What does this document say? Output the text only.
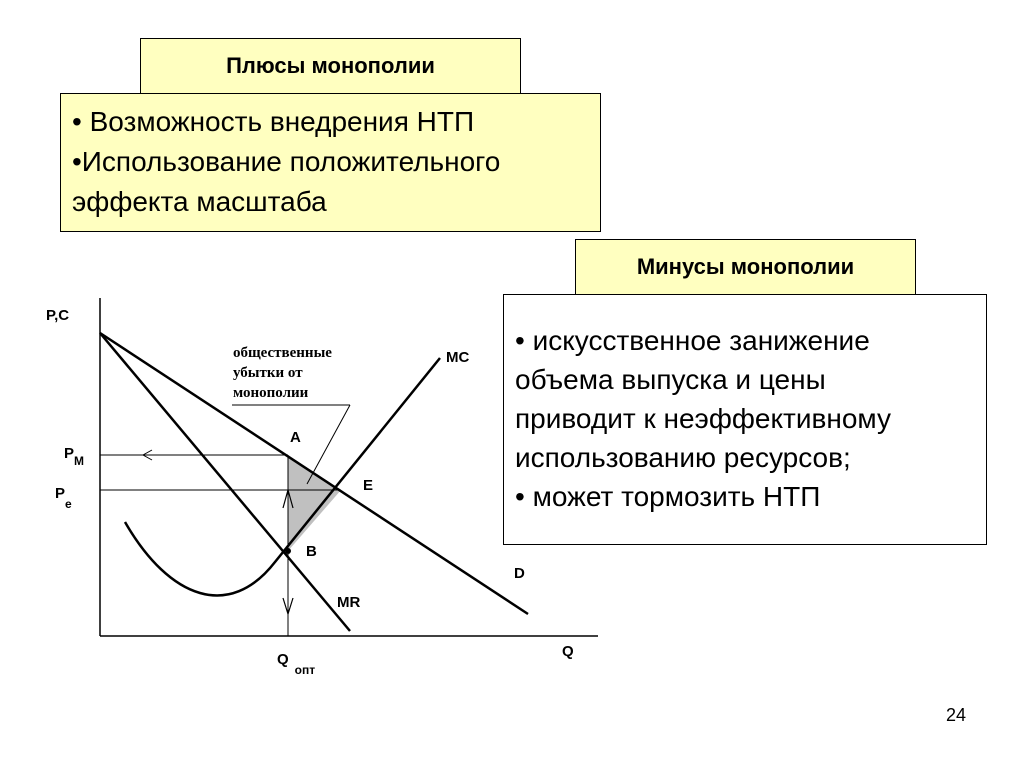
Плюсы монополии
• Возможность внедрения НТП
•Использование положительного
эффекта масштаба
Минусы монополии
• искусственное занижение
объема выпуска и цены
приводит к неэффективному
использованию ресурсов;
• может тормозить НТП
P,C
Q
$P_M$
$P_e$
$Q_{опт}$
A
B
E
MC
MR
D
общественные убытки от монополии
24
